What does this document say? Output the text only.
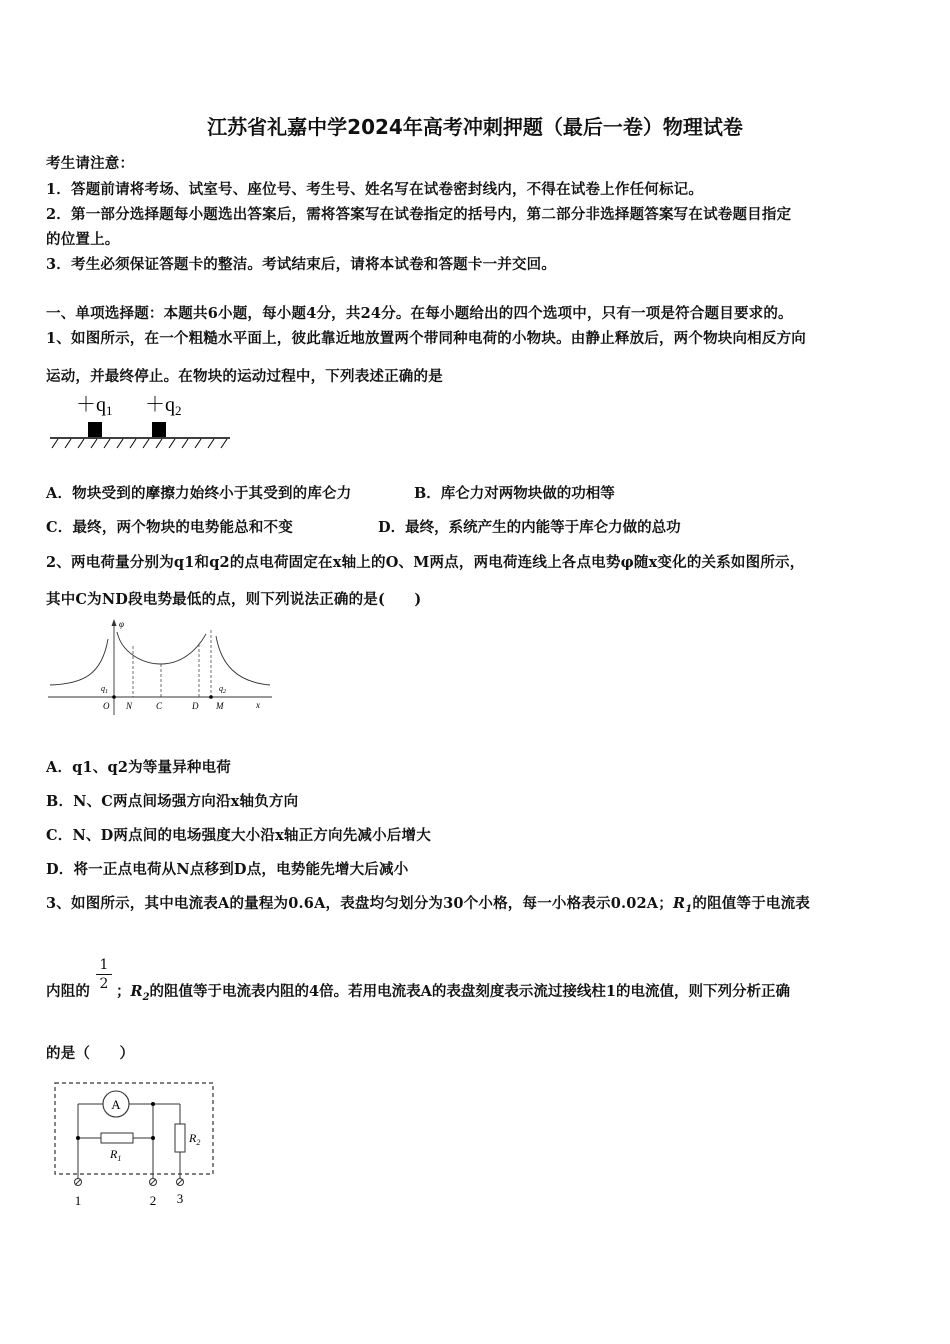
江苏省礼嘉中学2024年高考冲刺押题（最后一卷）物理试卷
考生请注意：
1．答题前请将考场、试室号、座位号、考生号、姓名写在试卷密封线内，不得在试卷上作任何标记。
2．第一部分选择题每小题选出答案后，需将答案写在试卷指定的括号内，第二部分非选择题答案写在试卷题目指定
的位置上。
3．考生必须保证答题卡的整洁。考试结束后，请将本试卷和答题卡一并交回。
一、单项选择题：本题共6小题，每小题4分，共24分。在每小题给出的四个选项中，只有一项是符合题目要求的。
1、如图所示，在一个粗糙水平面上，彼此靠近地放置两个带同种电荷的小物块。由静止释放后，两个物块向相反方向
运动，并最终停止。在物块的运动过程中，下列表述正确的是
$+q_1 +q_2$
A．物块受到的摩擦力始终小于其受到的库仑力	B．库仑力对两物块做的功相等
C．最终，两个物块的电势能总和不变	D．最终，系统产生的内能等于库仑力做的总功
2、两电荷量分别为q1和q2的点电荷固定在x轴上的O、M两点，两电荷连线上各点电势φ随x变化的关系如图所示，
其中C为ND段电势最低的点，则下列说法正确的是(　　)
φ
x
$q_1$	$q_2$
O N	C	D M
A．q1、q2为等量异种电荷
B．N、C两点间场强方向沿x轴负方向
C．N、D两点间的电场强度大小沿x轴正方向先减小后增大
D．将一正点电荷从N点移到D点，电势能先增大后减小
3、如图所示，其中电流表A的量程为0.6A，表盘均匀划分为30个小格，每一小格表示0.02A；$R_1$的阻值等于电流表
内阻的 $\frac{1}{2}$ ；$R_2$的阻值等于电流表内阻的4倍。若用电流表A的表盘刻度表示流过接线柱1的电流值，则下列分析正确
的是（　　）
A
$R_1$
$R_2$
1	2 3
